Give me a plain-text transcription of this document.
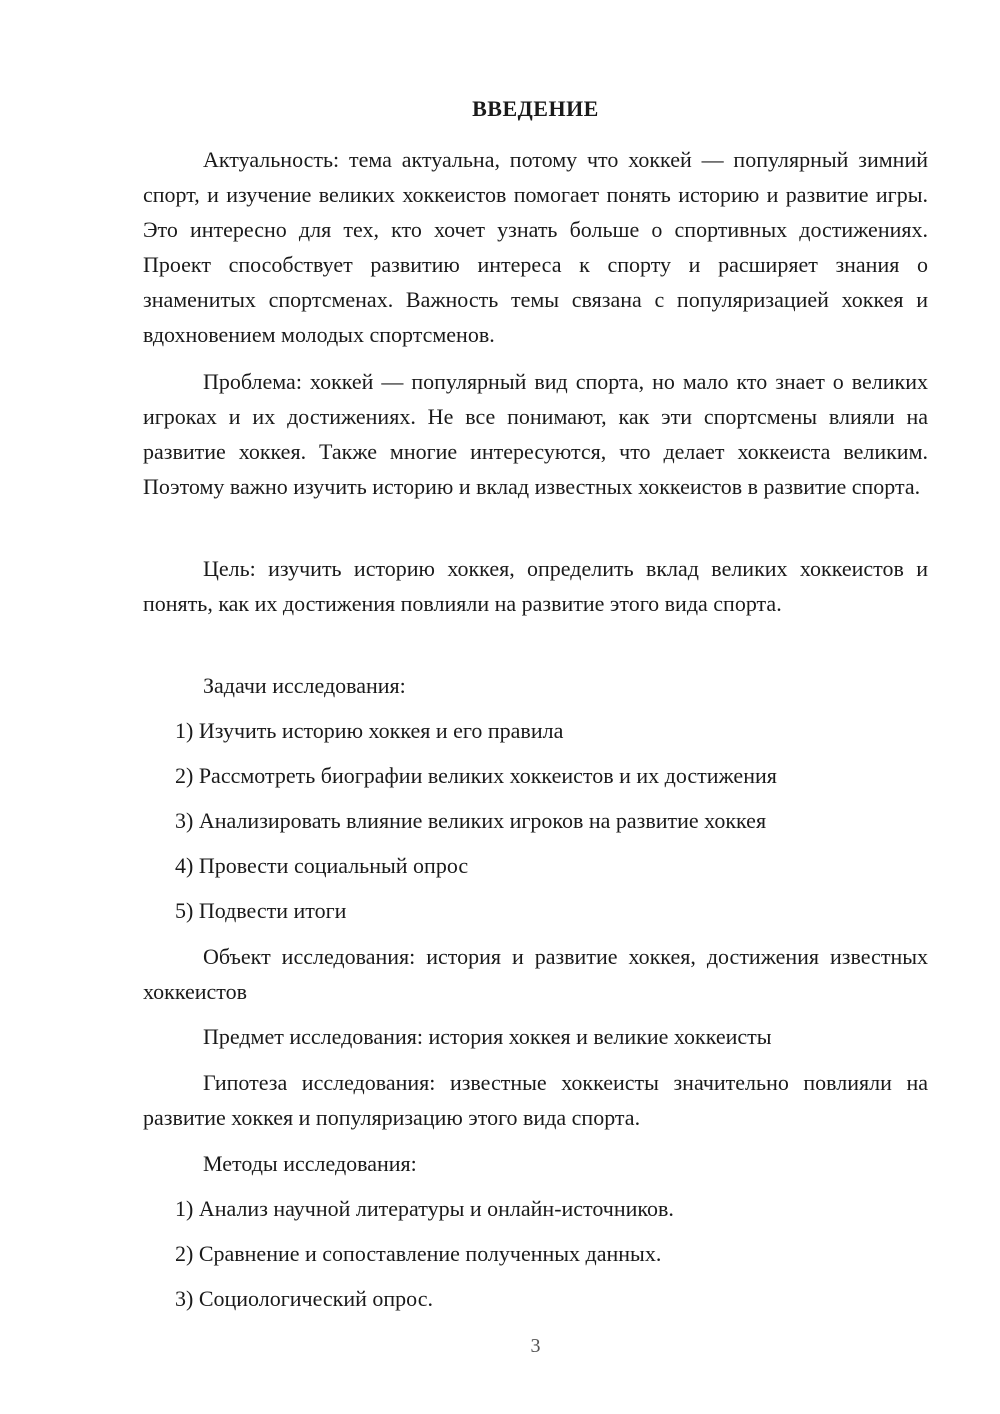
ВВЕДЕНИЕ

Актуальность: тема актуальна, потому что хоккей — популярный зимний спорт, и изучение великих хоккеистов помогает понять историю и развитие игры. Это интересно для тех, кто хочет узнать больше о спортивных достижениях. Проект способствует развитию интереса к спорту и расширяет знания о знаменитых спортсменах. Важность темы связана с популяризацией хоккея и вдохновением молодых спортсменов.

Проблема: хоккей — популярный вид спорта, но мало кто знает о великих игроках и их достижениях. Не все понимают, как эти спортсмены влияли на развитие хоккея. Также многие интересуются, что делает хоккеиста великим. Поэтому важно изучить историю и вклад известных хоккеистов в развитие спорта.

Цель: изучить историю хоккея, определить вклад великих хоккеистов и понять, как их достижения повлияли на развитие этого вида спорта.

Задачи исследования:
1) Изучить историю хоккея и его правила
2) Рассмотреть биографии великих хоккеистов и их достижения
3) Анализировать влияние великих игроков на развитие хоккея
4) Провести социальный опрос
5) Подвести итоги

Объект исследования: история и развитие хоккея, достижения известных хоккеистов

Предмет исследования: история хоккея и великие хоккеисты

Гипотеза исследования: известные хоккеисты значительно повлияли на развитие хоккея и популяризацию этого вида спорта.

Методы исследования:
1) Анализ научной литературы и онлайн-источников.
2) Сравнение и сопоставление полученных данных.
3) Социологический опрос.
3
